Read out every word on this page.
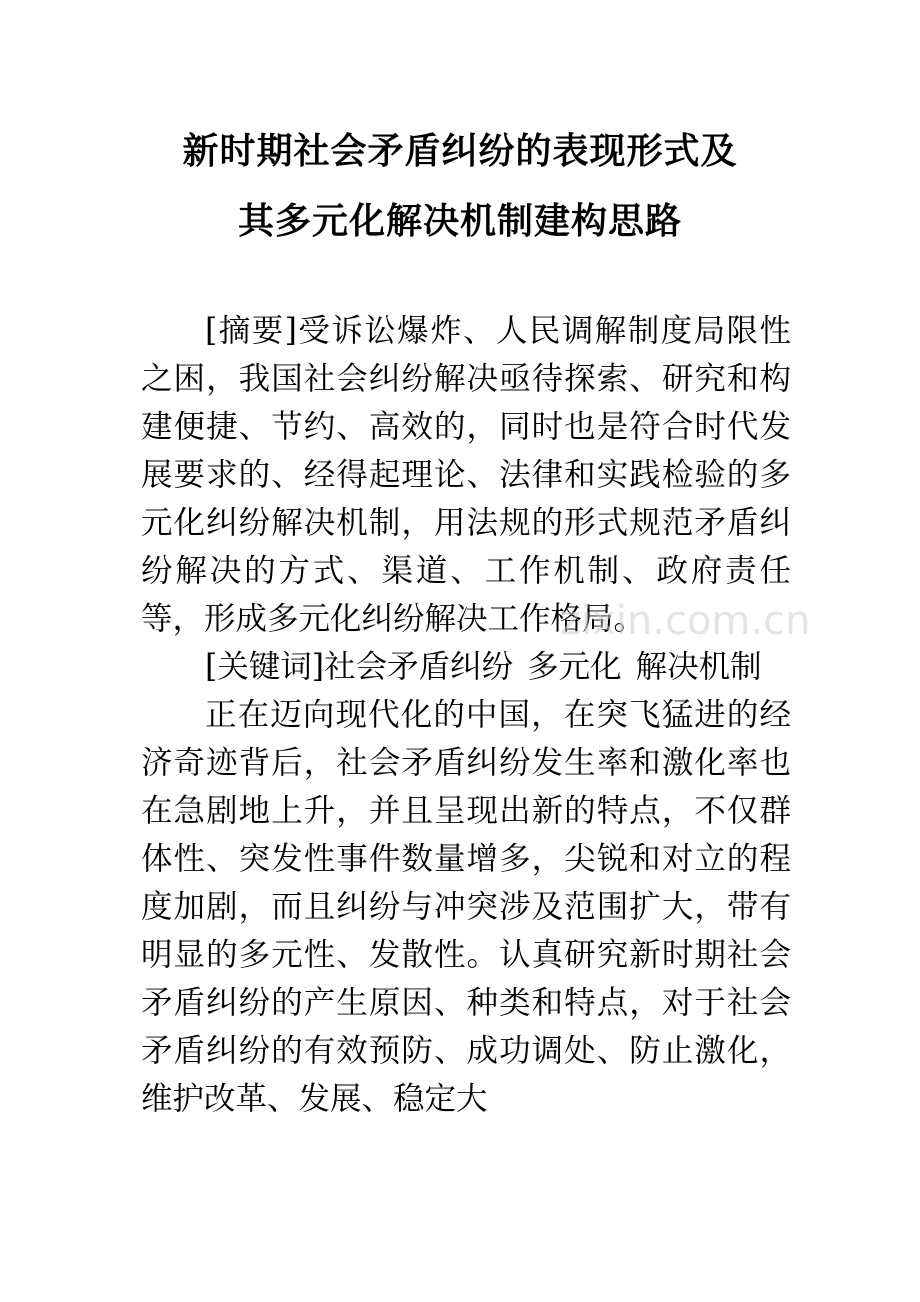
新时期社会矛盾纠纷的表现形式及
其多元化解决机制建构思路

[摘要]受诉讼爆炸、人民调解制度局限性之困，我国社会纠纷解决亟待探索、研究和构建便捷、节约、高效的，同时也是符合时代发展要求的、经得起理论、法律和实践检验的多元化纠纷解决机制，用法规的形式规范矛盾纠纷解决的方式、渠道、工作机制、政府责任等，形成多元化纠纷解决工作格局。

[关键词]社会矛盾纠纷 多元化 解决机制

正在迈向现代化的中国，在突飞猛进的经济奇迹背后，社会矛盾纠纷发生率和激化率也在急剧地上升，并且呈现出新的特点，不仅群体性、突发性事件数量增多，尖锐和对立的程度加剧，而且纠纷与冲突涉及范围扩大，带有明显的多元性、发散性。认真研究新时期社会矛盾纠纷的产生原因、种类和特点，对于社会矛盾纠纷的有效预防、成功调处、防止激化，维护改革、发展、稳定大

zixin.com.cn
